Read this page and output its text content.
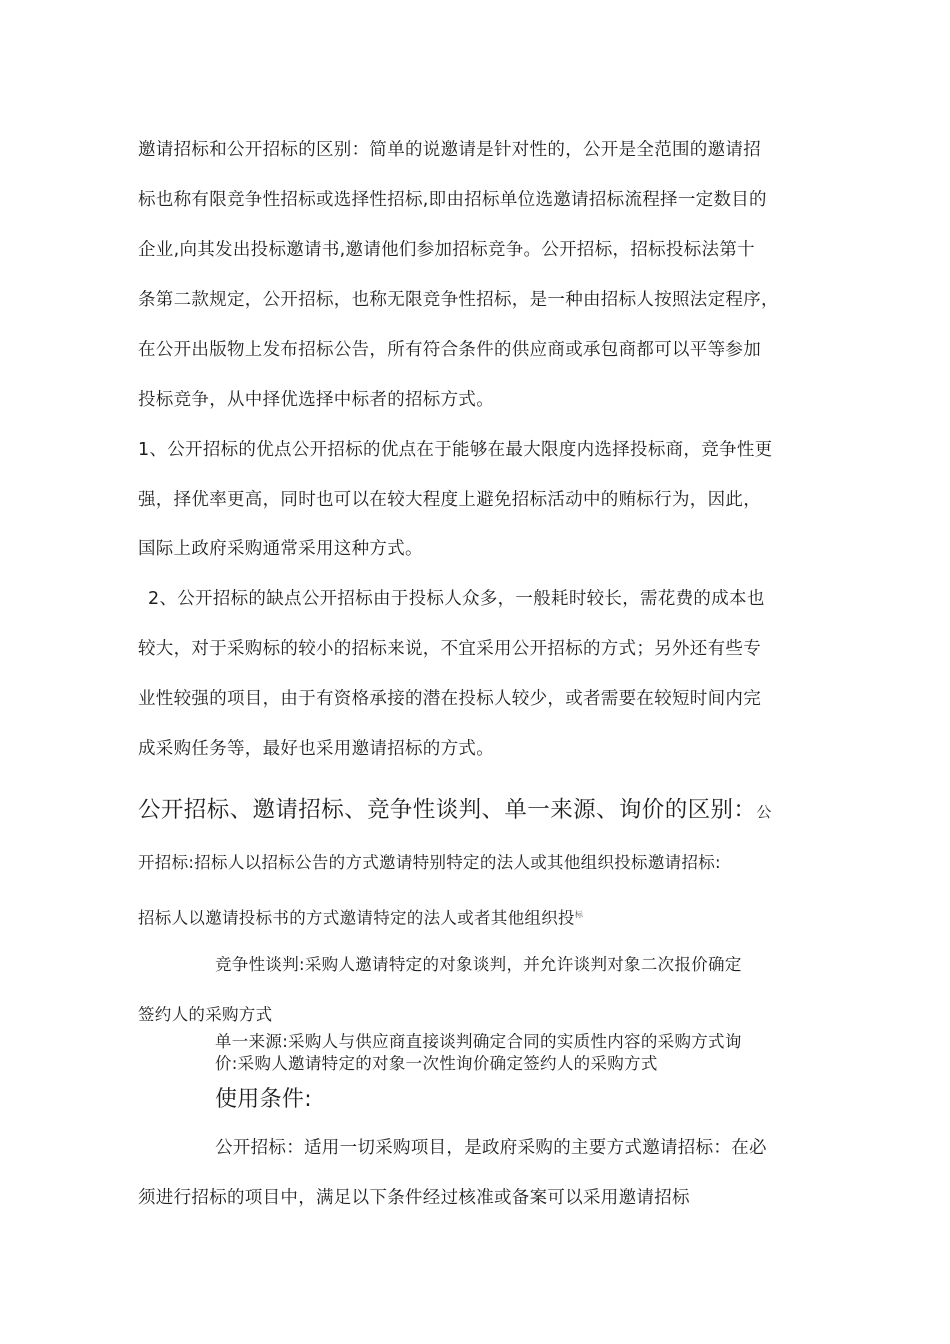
邀请招标和公开招标的区别：简单的说邀请是针对性的，公开是全范围的邀请招
标也称有限竞争性招标或选择性招标,即由招标单位选邀请招标流程择一定数目的
企业,向其发出投标邀请书,邀请他们参加招标竞争。公开招标，招标投标法第十
条第二款规定，公开招标，也称无限竞争性招标，是一种由招标人按照法定程序，
在公开出版物上发布招标公告，所有符合条件的供应商或承包商都可以平等参加
投标竞争，从中择优选择中标者的招标方式。
1、公开招标的优点公开招标的优点在于能够在最大限度内选择投标商，竞争性更
强，择优率更高，同时也可以在较大程度上避免招标活动中的贿标行为，因此，
国际上政府采购通常采用这种方式。
2、公开招标的缺点公开招标由于投标人众多，一般耗时较长，需花费的成本也
较大，对于采购标的较小的招标来说，不宜采用公开招标的方式；另外还有些专
业性较强的项目，由于有资格承接的潜在投标人较少，或者需要在较短时间内完
成采购任务等，最好也采用邀请招标的方式。
公开招标、邀请招标、竞争性谈判、单一来源、询价的区别：公
开招标:招标人以招标公告的方式邀请特别特定的法人或其他组织投标邀请招标:
招标人以邀请投标书的方式邀请特定的法人或者其他组织投$^标$
竞争性谈判:采购人邀请特定的对象谈判，并允许谈判对象二次报价确定
签约人的采购方式
单一来源:采购人与供应商直接谈判确定合同的实质性内容的采购方式询
价:采购人邀请特定的对象一次性询价确定签约人的采购方式
使用条件:
公开招标：适用一切采购项目，是政府采购的主要方式邀请招标：在必
须进行招标的项目中，满足以下条件经过核准或备案可以采用邀请招标
